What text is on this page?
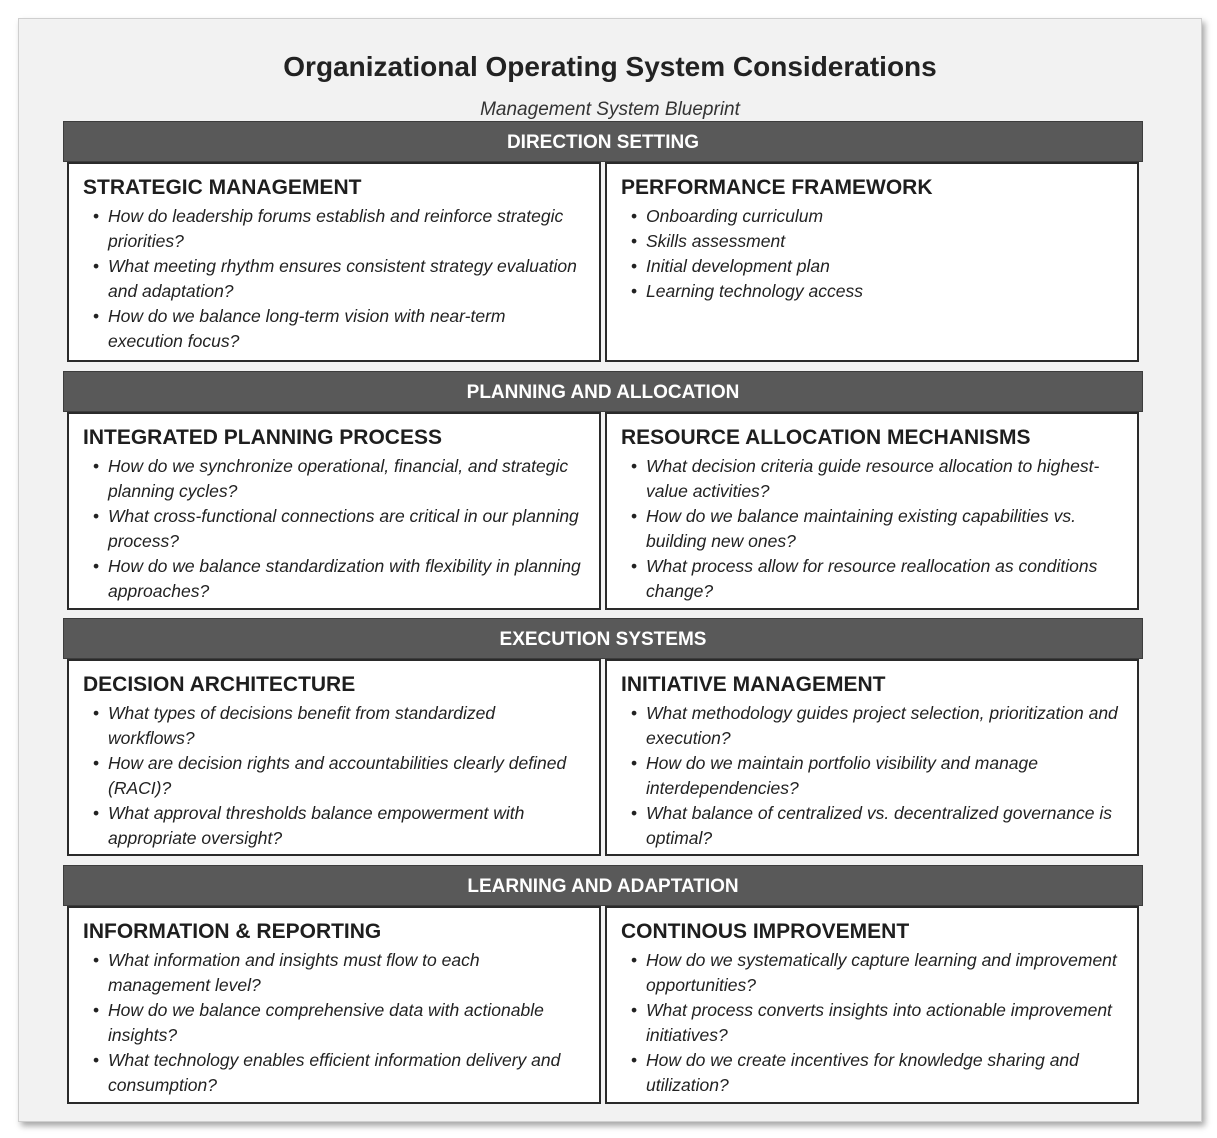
Organizational Operating System Considerations
Management System Blueprint
DIRECTION SETTING
STRATEGIC MANAGEMENT
• How do leadership forums establish and reinforce strategic priorities?
• What meeting rhythm ensures consistent strategy evaluation and adaptation?
• How do we balance long-term vision with near-term execution focus?
PERFORMANCE FRAMEWORK
• Onboarding curriculum
• Skills assessment
• Initial development plan
• Learning technology access
PLANNING AND ALLOCATION
INTEGRATED PLANNING PROCESS
• How do we synchronize operational, financial, and strategic planning cycles?
• What cross-functional connections are critical in our planning process?
• How do we balance standardization with flexibility in planning approaches?
RESOURCE ALLOCATION MECHANISMS
• What decision criteria guide resource allocation to highest-value activities?
• How do we balance maintaining existing capabilities vs. building new ones?
• What process allow for resource reallocation as conditions change?
EXECUTION SYSTEMS
DECISION ARCHITECTURE
• What types of decisions benefit from standardized workflows?
• How are decision rights and accountabilities clearly defined (RACI)?
• What approval thresholds balance empowerment with appropriate oversight?
INITIATIVE MANAGEMENT
• What methodology guides project selection, prioritization and execution?
• How do we maintain portfolio visibility and manage interdependencies?
• What balance of centralized vs. decentralized governance is optimal?
LEARNING AND ADAPTATION
INFORMATION & REPORTING
• What information and insights must flow to each management level?
• How do we balance comprehensive data with actionable insights?
• What technology enables efficient information delivery and consumption?
CONTINOUS IMPROVEMENT
• How do we systematically capture learning and improvement opportunities?
• What process converts insights into actionable improvement initiatives?
• How do we create incentives for knowledge sharing and utilization?
